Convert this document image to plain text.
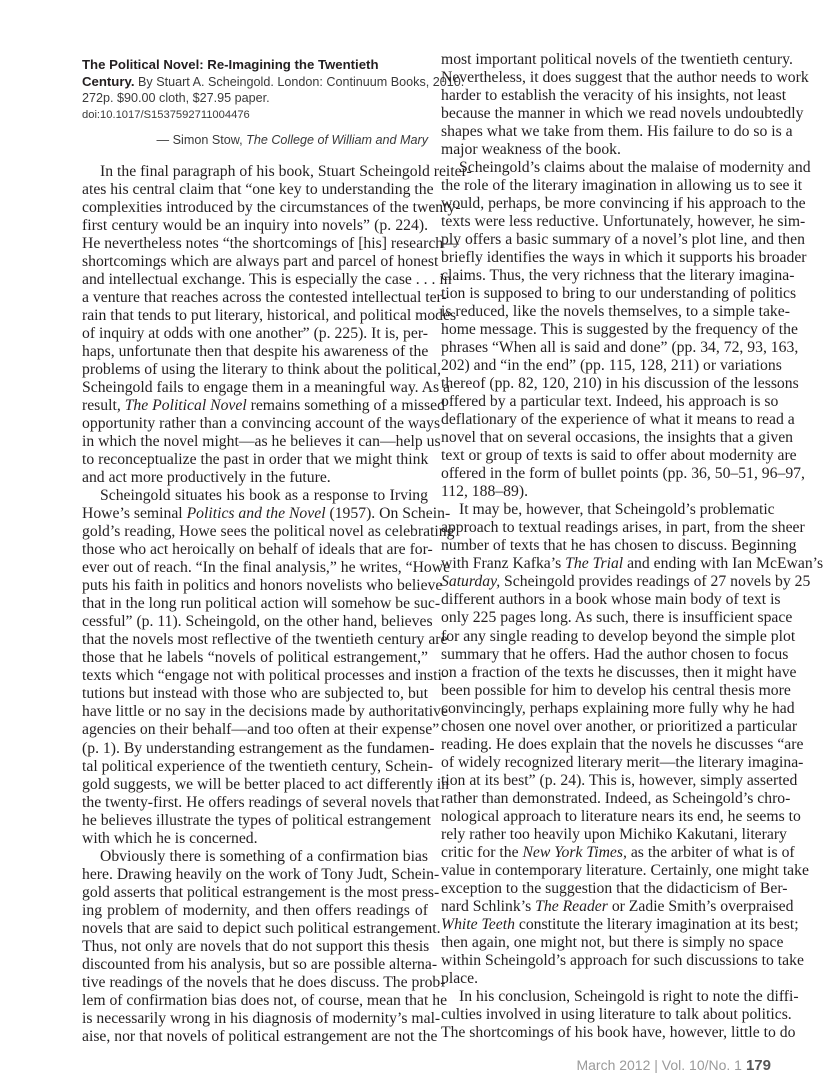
The Political Novel: Re-Imagining the Twentieth
Century. By Stuart A. Scheingold. London: Continuum Books, 2010.
272p. $90.00 cloth, $27.95 paper.
doi:10.1017/S1537592711004476
— Simon Stow, The College of William and Mary
In the final paragraph of his book, Stuart Scheingold reiter-
ates his central claim that “one key to understanding the
complexities introduced by the circumstances of the twenty-
first century would be an inquiry into novels” (p. 224).
He nevertheless notes “the shortcomings of [his] research—
shortcomings which are always part and parcel of honest
and intellectual exchange. This is especially the case . . . in
a venture that reaches across the contested intellectual ter-
rain that tends to put literary, historical, and political modes
of inquiry at odds with one another” (p. 225). It is, per-
haps, unfortunate then that despite his awareness of the
problems of using the literary to think about the political,
Scheingold fails to engage them in a meaningful way. As a
result, The Political Novel remains something of a missed
opportunity rather than a convincing account of the ways
in which the novel might—as he believes it can—help us
to reconceptualize the past in order that we might think
and act more productively in the future.
Scheingold situates his book as a response to Irving
Howe’s seminal Politics and the Novel (1957). On Schein-
gold’s reading, Howe sees the political novel as celebrating
those who act heroically on behalf of ideals that are for-
ever out of reach. “In the final analysis,” he writes, “Howe
puts his faith in politics and honors novelists who believe
that in the long run political action will somehow be suc-
cessful” (p. 11). Scheingold, on the other hand, believes
that the novels most reflective of the twentieth century are
those that he labels “novels of political estrangement,”
texts which “engage not with political processes and insti-
tutions but instead with those who are subjected to, but
have little or no say in the decisions made by authoritative
agencies on their behalf—and too often at their expense”
(p. 1). By understanding estrangement as the fundamen-
tal political experience of the twentieth century, Schein-
gold suggests, we will be better placed to act differently in
the twenty-first. He offers readings of several novels that
he believes illustrate the types of political estrangement
with which he is concerned.
Obviously there is something of a confirmation bias
here. Drawing heavily on the work of Tony Judt, Schein-
gold asserts that political estrangement is the most press-
ing problem of modernity, and then offers readings of
novels that are said to depict such political estrangement.
Thus, not only are novels that do not support this thesis
discounted from his analysis, but so are possible alterna-
tive readings of the novels that he does discuss. The prob-
lem of confirmation bias does not, of course, mean that he
is necessarily wrong in his diagnosis of modernity’s mal-
aise, nor that novels of political estrangement are not the
most important political novels of the twentieth century.
Nevertheless, it does suggest that the author needs to work
harder to establish the veracity of his insights, not least
because the manner in which we read novels undoubtedly
shapes what we take from them. His failure to do so is a
major weakness of the book.
Scheingold’s claims about the malaise of modernity and
the role of the literary imagination in allowing us to see it
would, perhaps, be more convincing if his approach to the
texts were less reductive. Unfortunately, however, he sim-
ply offers a basic summary of a novel’s plot line, and then
briefly identifies the ways in which it supports his broader
claims. Thus, the very richness that the literary imagina-
tion is supposed to bring to our understanding of politics
is reduced, like the novels themselves, to a simple take-
home message. This is suggested by the frequency of the
phrases “When all is said and done” (pp. 34, 72, 93, 163,
202) and “in the end” (pp. 115, 128, 211) or variations
thereof (pp. 82, 120, 210) in his discussion of the lessons
offered by a particular text. Indeed, his approach is so
deflationary of the experience of what it means to read a
novel that on several occasions, the insights that a given
text or group of texts is said to offer about modernity are
offered in the form of bullet points (pp. 36, 50–51, 96–97,
112, 188–89).
It may be, however, that Scheingold’s problematic
approach to textual readings arises, in part, from the sheer
number of texts that he has chosen to discuss. Beginning
with Franz Kafka’s The Trial and ending with Ian McEwan’s
Saturday, Scheingold provides readings of 27 novels by 25
different authors in a book whose main body of text is
only 225 pages long. As such, there is insufficient space
for any single reading to develop beyond the simple plot
summary that he offers. Had the author chosen to focus
on a fraction of the texts he discusses, then it might have
been possible for him to develop his central thesis more
convincingly, perhaps explaining more fully why he had
chosen one novel over another, or prioritized a particular
reading. He does explain that the novels he discusses “are
of widely recognized literary merit—the literary imagina-
tion at its best” (p. 24). This is, however, simply asserted
rather than demonstrated. Indeed, as Scheingold’s chro-
nological approach to literature nears its end, he seems to
rely rather too heavily upon Michiko Kakutani, literary
critic for the New York Times, as the arbiter of what is of
value in contemporary literature. Certainly, one might take
exception to the suggestion that the didacticism of Ber-
nard Schlink’s The Reader or Zadie Smith’s overpraised
White Teeth constitute the literary imagination at its best;
then again, one might not, but there is simply no space
within Scheingold’s approach for such discussions to take
place.
In his conclusion, Scheingold is right to note the diffi-
culties involved in using literature to talk about politics.
The shortcomings of his book have, however, little to do
March 2012 | Vol. 10/No. 1 179
